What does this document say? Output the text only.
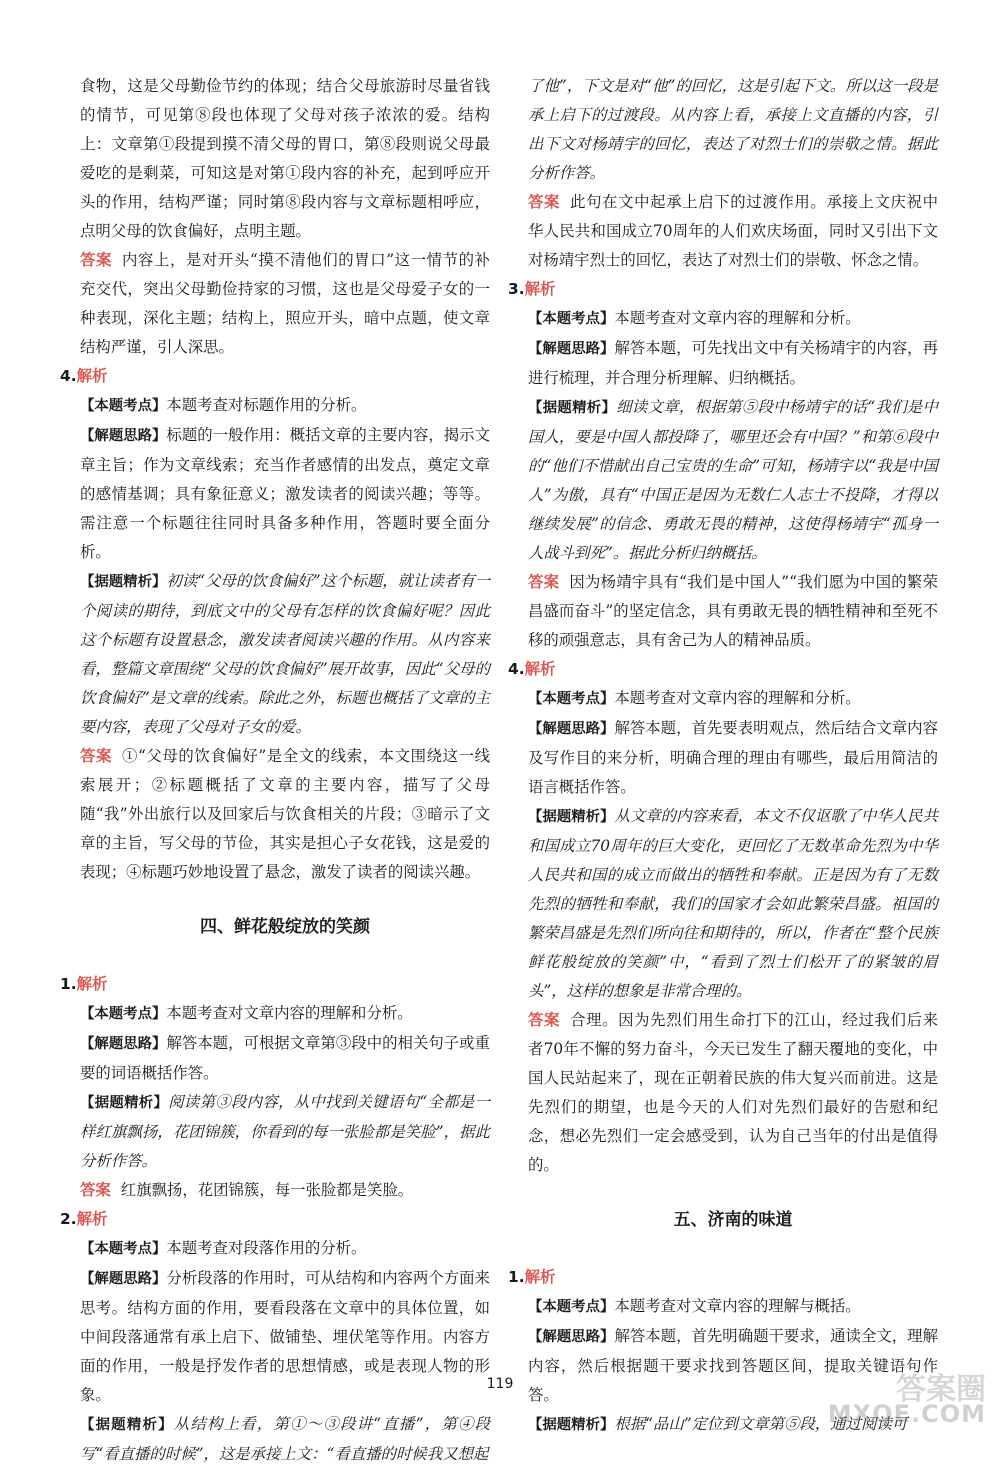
食物，这是父母勤俭节约的体现；结合父母旅游时尽量省钱的情节，可见第⑧段也体现了父母对孩子浓浓的爱。结构上：文章第①段提到摸不清父母的胃口，第⑧段则说父母最爱吃的是剩菜，可知这是对第①段内容的补充，起到呼应开头的作用，结构严谨；同时第⑧段内容与文章标题相呼应，点明父母的饮食偏好，点明主题。

答案 内容上，是对开头“摸不清他们的胃口”这一情节的补充交代，突出父母勤俭持家的习惯，这也是父母爱子女的一种表现，深化主题；结构上，照应开头，暗中点题，使文章结构严谨，引人深思。

4.解析

【本题考点】本题考查对标题作用的分析。

【解题思路】标题的一般作用：概括文章的主要内容，揭示文章主旨；作为文章线索；充当作者感情的出发点，奠定文章的感情基调；具有象征意义；激发读者的阅读兴趣；等等。需注意一个标题往往同时具备多种作用，答题时要全面分析。

【据题精析】初读“父母的饮食偏好”这个标题，就让读者有一个阅读的期待，到底文中的父母有怎样的饮食偏好呢？因此这个标题有设置悬念，激发读者阅读兴趣的作用。从内容来看，整篇文章围绕“父母的饮食偏好”展开故事，因此“父母的饮食偏好”是文章的线索。除此之外，标题也概括了文章的主要内容，表现了父母对子女的爱。

答案 ①“父母的饮食偏好”是全文的线索，本文围绕这一线索展开；②标题概括了文章的主要内容，描写了父母随“我”外出旅行以及回家后与饮食相关的片段；③暗示了文章的主旨，写父母的节俭，其实是担心子女花钱，这是爱的表现；④标题巧妙地设置了悬念，激发了读者的阅读兴趣。

四、鲜花般绽放的笑颜

1.解析

【本题考点】本题考查对文章内容的理解和分析。

【解题思路】解答本题，可根据文章第③段中的相关句子或重要的词语概括作答。

【据题精析】阅读第③段内容，从中找到关键语句“全都是一样红旗飘扬，花团锦簇，你看到的每一张脸都是笑脸”，据此分析作答。

答案 红旗飘扬，花团锦簇，每一张脸都是笑脸。

2.解析

【本题考点】本题考查对段落作用的分析。

【解题思路】分析段落的作用时，可从结构和内容两个方面来思考。结构方面的作用，要看段落在文章中的具体位置，如中间段落通常有承上启下、做铺垫、埋伏笔等作用。内容方面的作用，一般是抒发作者的思想情感，或是表现人物的形象。

【据题精析】从结构上看，第①～③段讲“直播”，第④段写“看直播的时候”，这是承接上文：“看直播的时候我又想起

了他”，下文是对“他”的回忆，这是引起下文。所以这一段是承上启下的过渡段。从内容上看，承接上文直播的内容，引出下文对杨靖宇的回忆，表达了对烈士们的崇敬之情。据此分析作答。

答案 此句在文中起承上启下的过渡作用。承接上文庆祝中华人民共和国成立70周年的人们欢庆场面，同时又引出下文对杨靖宇烈士的回忆，表达了对烈士们的崇敬、怀念之情。

3.解析

【本题考点】本题考查对文章内容的理解和分析。

【解题思路】解答本题，可先找出文中有关杨靖宇的内容，再进行梳理，并合理分析理解、归纳概括。

【据题精析】细读文章，根据第⑤段中杨靖宇的话“我们是中国人，要是中国人都投降了，哪里还会有中国？”和第⑥段中的“他们不惜献出自己宝贵的生命”可知，杨靖宇以“我是中国人”为傲，具有“中国正是因为无数仁人志士不投降，才得以继续发展”的信念、勇敢无畏的精神，这使得杨靖宇“孤身一人战斗到死”。据此分析归纳概括。

答案 因为杨靖宇具有“我们是中国人”“我们愿为中国的繁荣昌盛而奋斗”的坚定信念，具有勇敢无畏的牺牲精神和至死不移的顽强意志，具有舍己为人的精神品质。

4.解析

【本题考点】本题考查对文章内容的理解和分析。

【解题思路】解答本题，首先要表明观点，然后结合文章内容及写作目的来分析，明确合理的理由有哪些，最后用简洁的语言概括作答。

【据题精析】从文章的内容来看，本文不仅讴歌了中华人民共和国成立70周年的巨大变化，更回忆了无数革命先烈为中华人民共和国的成立而做出的牺牲和奉献。正是因为有了无数先烈的牺牲和奉献，我们的国家才会如此繁荣昌盛。祖国的繁荣昌盛是先烈们所向往和期待的，所以，作者在“整个民族鲜花般绽放的笑颜”中，“看到了烈士们松开了的紧皱的眉头”，这样的想象是非常合理的。

答案 合理。因为先烈们用生命打下的江山，经过我们后来者70年不懈的努力奋斗，今天已发生了翻天覆地的变化，中国人民站起来了，现在正朝着民族的伟大复兴而前进。这是先烈们的期望，也是今天的人们对先烈们最好的告慰和纪念，想必先烈们一定会感受到，认为自己当年的付出是值得的。

五、济南的味道

1.解析

【本题考点】本题考查对文章内容的理解与概括。

【解题思路】解答本题，首先明确题干要求，通读全文，理解内容，然后根据题干要求找到答题区间，提取关键语句作答。

【据题精析】根据“品山”定位到文章第⑤段，通过阅读可

119	答案圈
MXQE.COM
